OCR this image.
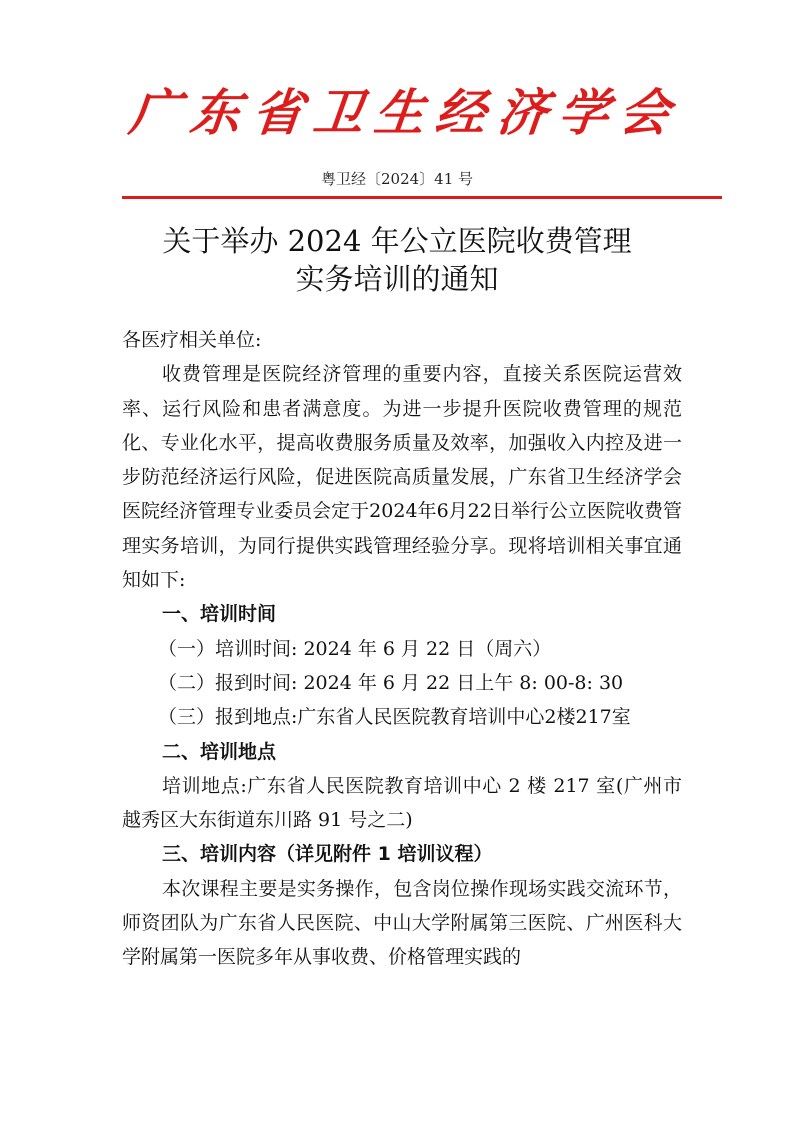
广 东 省 卫 生 经 济 学 会
粤卫经〔2024〕41 号
关于举办 2024 年公立医院收费管理
实务培训的通知

各医疗相关单位:

收费管理是医院经济管理的重要内容，直接关系医院运营效率、运行风险和患者满意度。为进一步提升医院收费管理的规范化、专业化水平，提高收费服务质量及效率，加强收入内控及进一步防范经济运行风险，促进医院高质量发展，广东省卫生经济学会医院经济管理专业委员会定于2024年6月22日举行公立医院收费管理实务培训，为同行提供实践管理经验分享。现将培训相关事宜通知如下:

一、培训时间

（一）培训时间: 2024 年 6 月 22 日（周六）

（二）报到时间: 2024 年 6 月 22 日上午 8: 00-8: 30

（三）报到地点:广东省人民医院教育培训中心2楼217室

二、培训地点

培训地点:广东省人民医院教育培训中心 2 楼 217 室(广州市越秀区大东街道东川路 91 号之二)

三、培训内容（详见附件 1 培训议程）

本次课程主要是实务操作，包含岗位操作现场实践交流环节，师资团队为广东省人民医院、中山大学附属第三医院、广州医科大学附属第一医院多年从事收费、价格管理实践的
